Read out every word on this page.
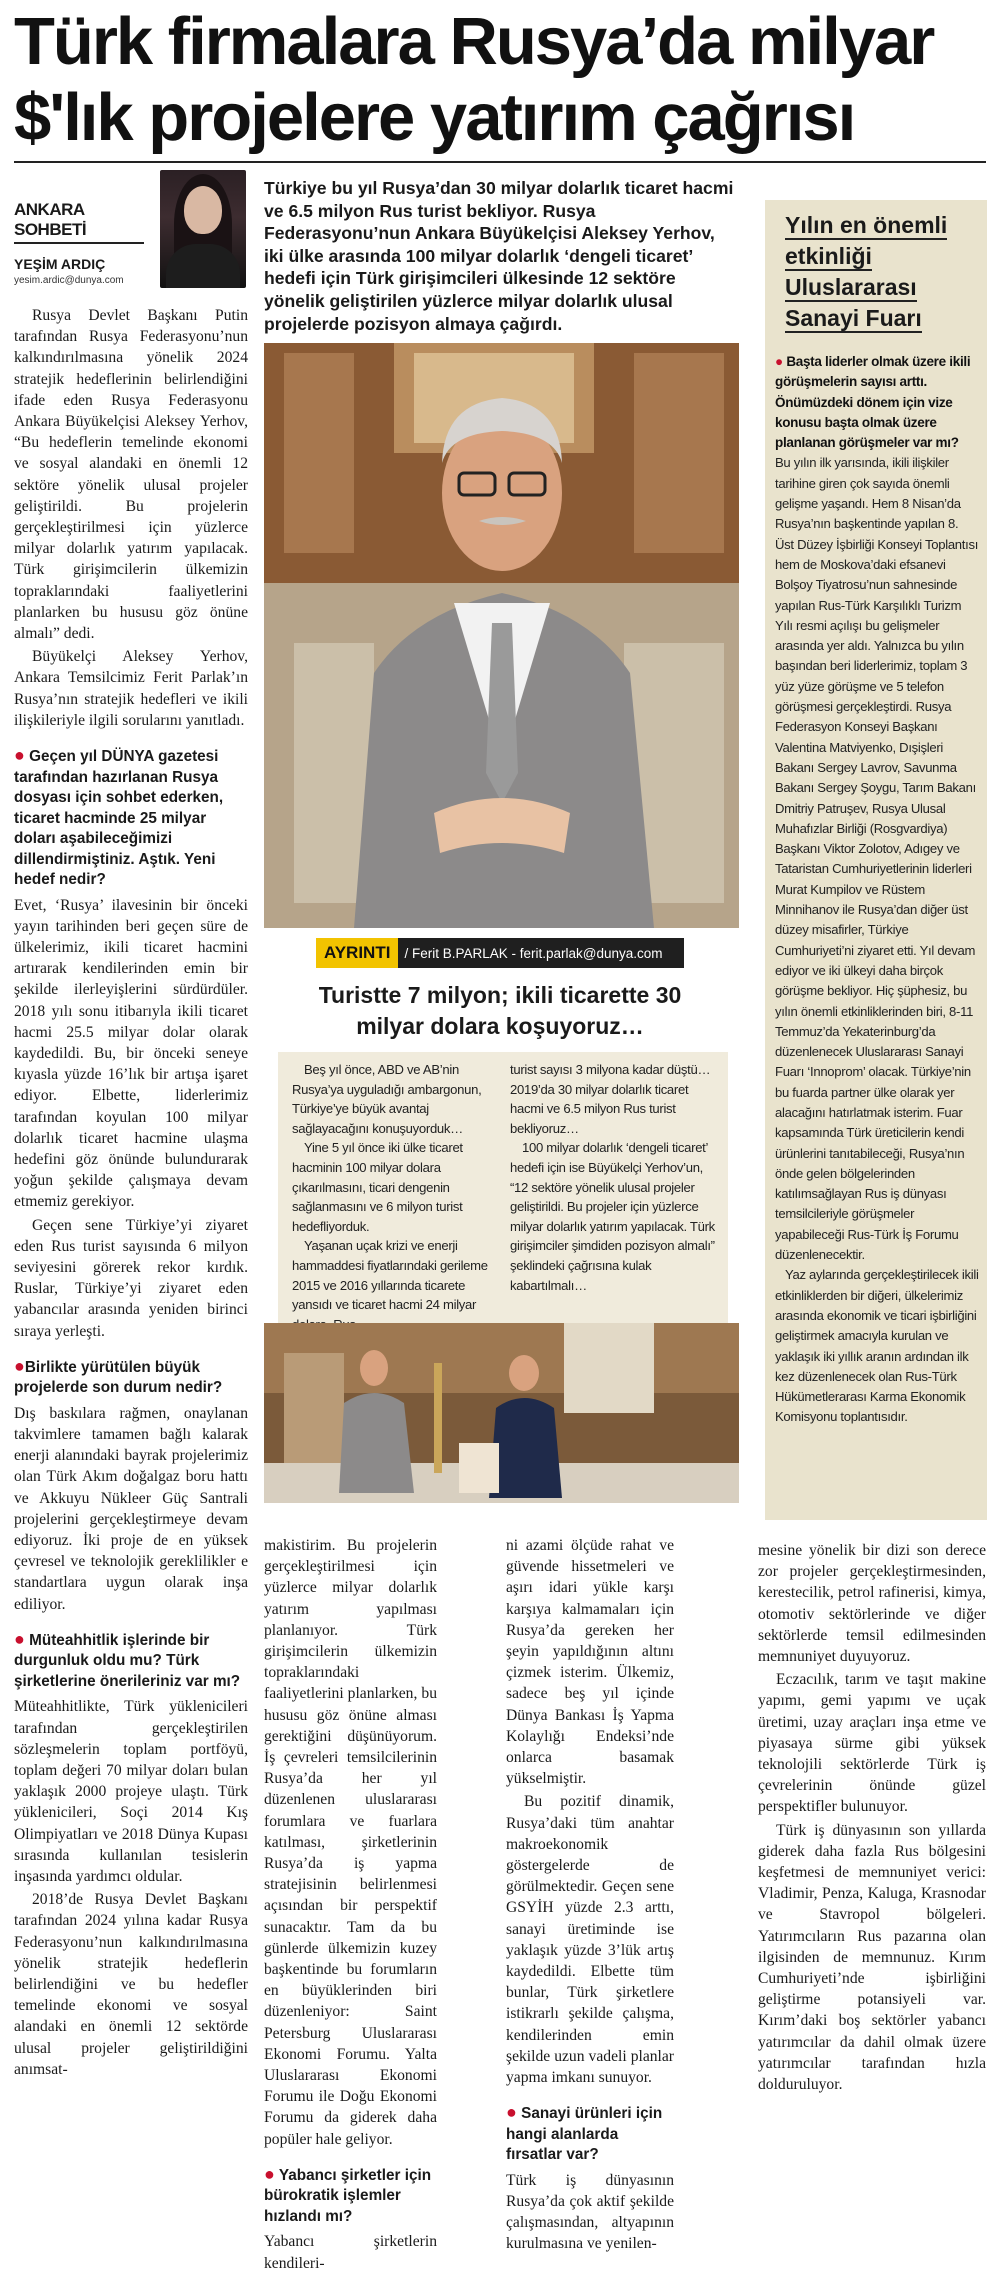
Türk firmalara Rusya’da milyar
$'lık projelere yatırım çağrısı
ANKARA SOHBETİ
YEŞİM ARDIÇ
yesim.ardic@dunya.com
Türkiye bu yıl Rusya’dan 30 milyar dolarlık ticaret hacmi ve 6.5 milyon Rus turist bekliyor. Rusya Federasyonu’nun Ankara Büyükelçisi Aleksey Yerhov, iki ülke arasında 100 milyar dolarlık ‘dengeli ticaret’ hedefi için Türk girişimcileri ülkesinde 12 sektöre yönelik geliştirilen yüzlerce milyar dolarlık ulusal projelerde pozisyon almaya çağırdı.

Rusya Devlet Başkanı Putin tarafından Rusya Federasyonu’nun kalkındırılmasına yönelik 2024 stratejik hedeflerinin belirlendiğini ifade eden Rusya Federasyonu Ankara Büyükelçisi Aleksey Yerhov, “Bu hedeflerin temelinde ekonomi ve sosyal alandaki en önemli 12 sektöre yönelik ulusal projeler geliştirildi. Bu projelerin gerçekleştirilmesi için yüzlerce milyar dolarlık yatırım yapılacak. Türk girişimcilerin ülkemizin topraklarındaki faaliyetlerini planlarken bu hususu göz önüne almalı” dedi.

Büyükelçi Aleksey Yerhov, Ankara Temsilcimiz Ferit Parlak’ın Rusya’nın stratejik hedefleri ve ikili ilişkileriyle ilgili sorularını yanıtladı.

● Geçen yıl DÜNYA gazetesi tarafından hazırlanan Rusya dosyası için sohbet ederken, ticaret hacminde 25 milyar doları aşabileceğimizi dillendirmiştiniz. Aştık. Yeni hedef nedir?

Evet, ‘Rusya’ ilavesinin bir önceki yayın tarihinden beri geçen süre de ülkelerimiz, ikili ticaret hacmini artırarak kendilerinden emin bir şekilde ilerleyişlerini sürdürdüler. 2018 yılı sonu itibarıyla ikili ticaret hacmi 25.5 milyar dolar olarak kaydedildi. Bu, bir önceki seneye kıyasla yüzde 16’lık bir artışa işaret ediyor. Elbette, liderlerimiz tarafından koyulan 100 milyar dolarlık ticaret hacmine ulaşma hedefini göz önünde bulundurarak yoğun şekilde çalışmaya devam etmemiz gerekiyor.

Geçen sene Türkiye’yi ziyaret eden Rus turist sayısında 6 milyon seviyesini görerek rekor kırdık. Ruslar, Türkiye’yi ziyaret eden yabancılar arasında yeniden birinci sıraya yerleşti.

●Birlikte yürütülen büyük projelerde son durum nedir?

Dış baskılara rağmen, onaylanan takvimlere tamamen bağlı kalarak enerji alanındaki bayrak projelerimiz olan Türk Akım doğalgaz boru hattı ve Akkuyu Nükleer Güç Santrali projelerini gerçekleştirmeye devam ediyoruz. İki proje de en yüksek çevresel ve teknolojik gereklilikler e standartlara uygun olarak inşa ediliyor.

● Müteahhitlik işlerinde bir durgunluk oldu mu? Türk şirketlerine önerileriniz var mı?

Müteahhitlikte, Türk yüklenicileri tarafından gerçekleştirilen sözleşmelerin toplam portföyü, toplam değeri 70 milyar doları bulan yaklaşık 2000 projeye ulaştı. Türk yüklenicileri, Soçi 2014 Kış Olimpiyatları ve 2018 Dünya Kupası sırasında kullanılan tesislerin inşasında yardımcı oldular.

2018’de Rusya Devlet Başkanı tarafından 2024 yılına kadar Rusya Federasyonu’nun kalkındırılmasına yönelik stratejik hedeflerin belirlendiğini ve bu hedefler temelinde ekonomi ve sosyal alandaki en önemli 12 sektörde ulusal projeler geliştirildiğini anımsat-

AYRINTI / Ferit B.PARLAK - ferit.parlak@dunya.com
Turistte 7 milyon; ikili ticarette 30 milyar dolara koşuyoruz…

Beş yıl önce, ABD ve AB’nin Rusya’ya uyguladığı ambargonun, Türkiye’ye büyük avantaj sağlayacağını konuşuyorduk…

Yine 5 yıl önce iki ülke ticaret hacminin 100 milyar dolara çıkarılmasını, ticari dengenin sağlanmasını ve 6 milyon turist hedefliyorduk.

Yaşanan uçak krizi ve enerji hammaddesi fiyatlarındaki gerileme 2015 ve 2016 yıllarında ticarete yansıdı ve ticaret hacmi 24 milyar

turist sayısı 3 milyona kadar düştü… 2019’da 30 milyar dolarlık ticaret hacmi ve 6.5 milyon Rus turist bekliyoruz…

100 milyar dolarlık ‘dengeli ticaret’ hedefi için ise Büyükelçi Yerhov’un, “12 sektöre yönelik ulusal projeler geliştirildi. Bu projeler için yüzlerce milyar dolarlık yatırım yapılacak. Türk girişimciler şimdiden pozisyon almalı” şeklindeki çağrısına kulak kabartılmalı…

Yılın en önemli etkinliği Uluslararası Sanayi Fuarı
● Başta liderler olmak üzere ikili görüşmelerin sayısı arttı. Önümüzdeki dönem için vize konusu başta olmak üzere planlanan görüşmeler var mı?
Bu yılın ilk yarısında, ikili ilişkiler tarihine giren çok sayıda önemli gelişme yaşandı. Hem 8 Nisan’da Rusya’nın başkentinde yapılan 8. Üst Düzey İşbirliği Konseyi Toplantısı hem de Moskova’daki efsanevi Bolşoy Tiyatrosu’nun sahnesinde yapılan Rus-Türk Karşılıklı Turizm Yılı resmi açılışı bu gelişmeler arasında yer aldı. Yalnızca bu yılın başından beri liderlerimiz, toplam 3 yüz yüze görüşme ve 5 telefon görüşmesi gerçekleştirdi. Rusya Federasyon Konseyi Başkanı Valentina Matviyenko, Dışişleri Bakanı Sergey Lavrov, Savunma Bakanı Sergey Şoygu, Tarım Bakanı Dmitriy Patruşev, Rusya Ulusal Muhafızlar Birliği (Rosgvardiya) Başkanı Viktor Zolotov, Adıgey ve Tataristan Cumhuriyetlerinin liderleri Murat Kumpilov ve Rüstem Minnihanov ile Rusya’dan diğer üst düzey misafirler, Türkiye Cumhuriyeti’ni ziyaret etti. Yıl devam ediyor ve iki ülkeyi daha birçok görüşme bekliyor. Hiç şüphesiz, bu yılın önemli etkinliklerinden biri, 8-11 Temmuz’da Yekaterinburg’da düzenlenecek Uluslararası Sanayi Fuarı ‘Innoprom’ olacak. Türkiye’nin bu fuarda partner ülke olarak yer alacağını hatırlatmak isterim. Fuar kapsamında Türk üreticilerin kendi ürünlerini tanıtabileceği, Rusya’nın önde gelen bölgelerinden katılımsağlayan Rus iş dünyası temsilcileriyle görüşmeler yapabileceği Rus-Türk İş Forumu düzenlenecektir.
Yaz aylarında gerçekleştirilecek ikili etkinliklerden bir diğeri, ülkelerimiz arasında ekonomik ve ticari işbirliğini geliştirmek amacıyla kurulan ve yaklaşık iki yıllık aranın ardından ilk kez düzenlenecek olan Rus-Türk Hükümetlerarası Karma Ekonomik Komisyonu toplantısıdır.

makistirim. Bu projelerin gerçekleştirilmesi için yüzlerce milyar dolarlık yatırım yapılması planlanıyor. Türk girişimcilerin ülkemizin topraklarındaki faaliyetlerini planlarken, bu hususu göz önüne alması gerektiğini düşünüyorum. İş çevreleri temsilcilerinin Rusya’da her yıl düzenlenen uluslararası forumlara ve fuarlara katılması, şirketlerinin Rusya’da iş yapma stratejisinin belirlenmesi açısından bir perspektif sunacaktır. Tam da bu günlerde ülkemizin kuzey başkentinde bu forumların en büyüklerinden biri düzenleniyor: Saint Petersburg Uluslararası Ekonomi Forumu. Yalta Uluslararası Ekonomi Forumu ile Doğu Ekonomi Forumu da giderek daha popüler hale geliyor.

● Yabancı şirketler için bürokratik işlemler hızlandı mı?

Yabancı şirketlerin kendileri-

ni azami ölçüde rahat ve güvende hissetmeleri ve aşırı idari yükle karşı karşıya kalmamaları için Rusya’da gereken her şeyin yapıldığının altını çizmek isterim. Ülkemiz, sadece beş yıl içinde Dünya Bankası İş Yapma Kolaylığı Endeksi’nde onlarca basamak yükselmiştir.

Bu pozitif dinamik, Rusya’daki tüm anahtar makroekonomik göstergelerde de görülmektedir. Geçen sene GSYİH yüzde 2.3 arttı, sanayi üretiminde ise yaklaşık yüzde 3’lük artış kaydedildi. Elbette tüm bunlar, Türk şirketlere istikrarlı şekilde çalışma, kendilerinden emin şekilde uzun vadeli planlar yapma imkanı sunuyor.

● Sanayi ürünleri için hangi alanlarda fırsatlar var?

Türk iş dünyasının Rusya’da çok aktif şekilde çalışmasından, altyapının kurulmasına ve yenilen-

mesine yönelik bir dizi son derece zor projeler gerçekleştirmesinden, kerestecilik, petrol rafinerisi, kimya, otomotiv sektörlerinde ve diğer sektörlerde temsil edilmesinden memnuniyet duyuyoruz.

Eczacılık, tarım ve taşıt makine yapımı, gemi yapımı ve uçak üretimi, uzay araçları inşa etme ve piyasaya sürme gibi yüksek teknolojili sektörlerde Türk iş çevrelerinin önünde güzel perspektifler bulunuyor.

Türk iş dünyasının son yıllarda giderek daha fazla Rus bölgesini keşfetmesi de memnuniyet verici: Vladimir, Penza, Kaluga, Krasnodar ve Stavropol bölgeleri. Yatırımcıların Rus pazarına olan ilgisinden de memnunuz. Kırım Cumhuriyeti’nde işbirliğini geliştirme potansiyeli var. Kırım’daki boş sektörler yabancı yatırımcılar da dahil olmak üzere yatırımcılar tarafından hızla dolduruluyor.
